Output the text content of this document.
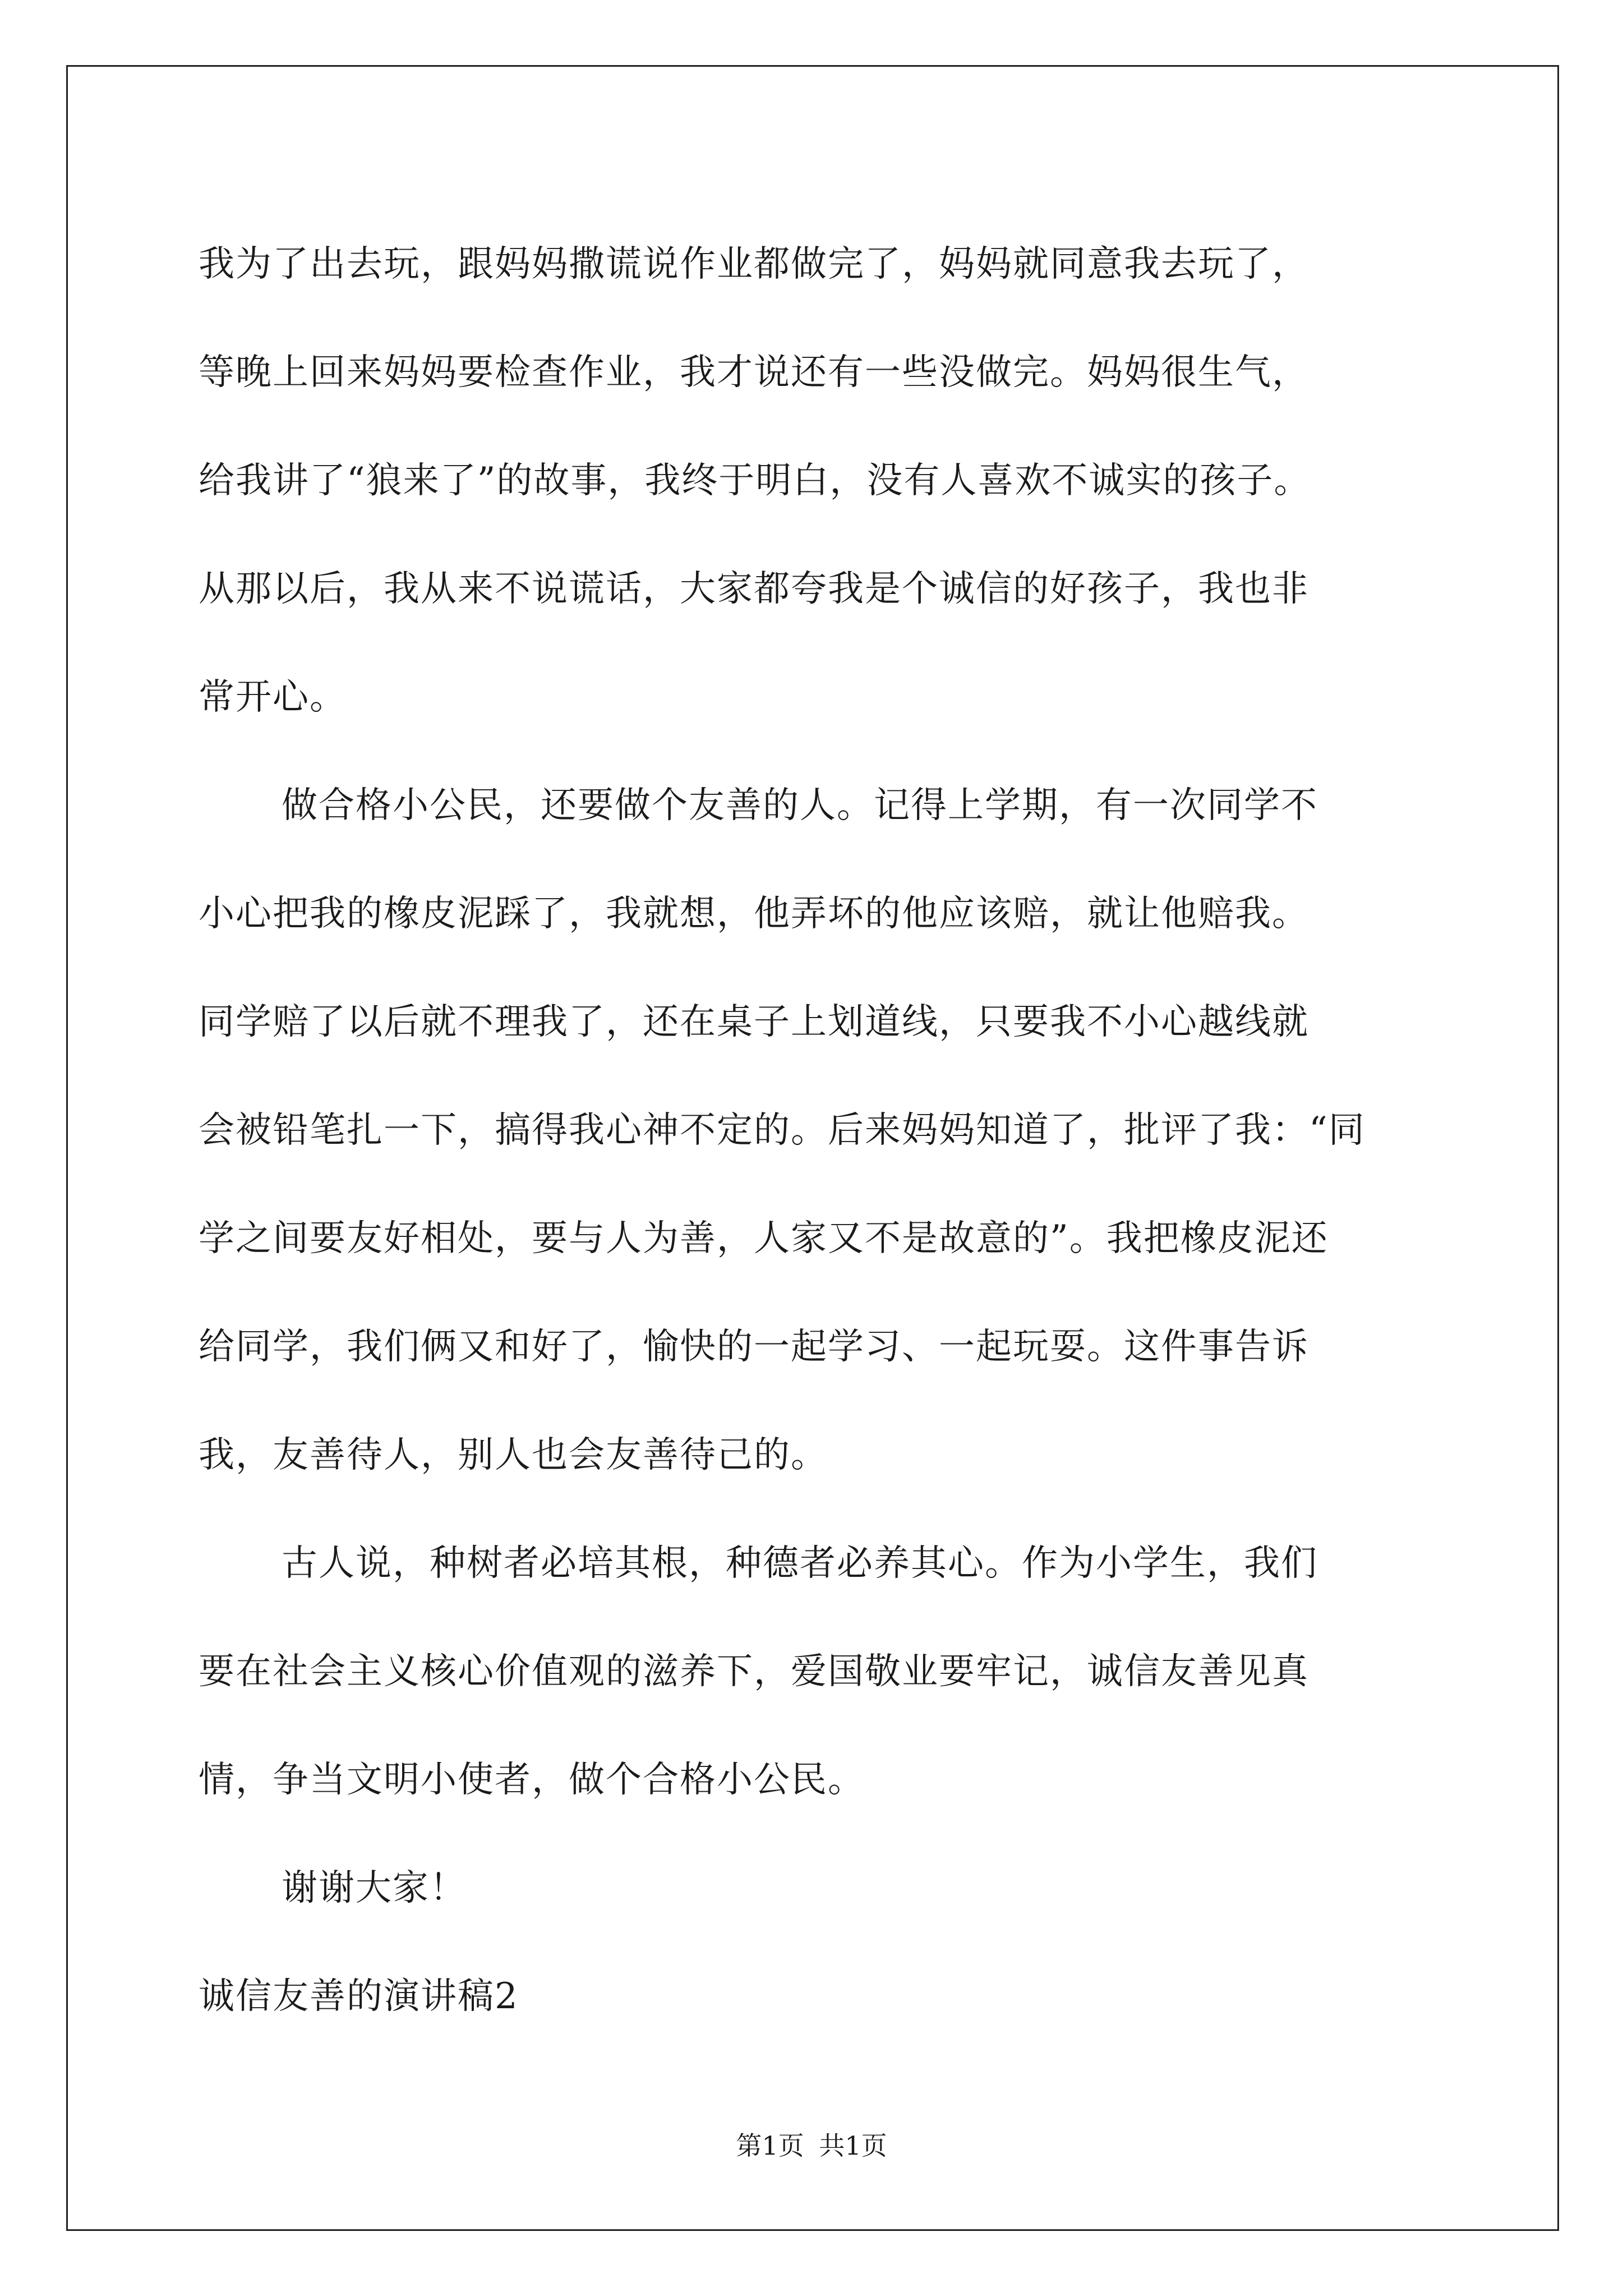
我为了出去玩，跟妈妈撒谎说作业都做完了，妈妈就同意我去玩了，
等晚上回来妈妈要检查作业，我才说还有一些没做完。妈妈很生气，
给我讲了“狼来了”的故事，我终于明白，没有人喜欢不诚实的孩子。
从那以后，我从来不说谎话，大家都夸我是个诚信的好孩子，我也非
常开心。
做合格小公民，还要做个友善的人。记得上学期，有一次同学不
小心把我的橡皮泥踩了，我就想，他弄坏的他应该赔，就让他赔我。
同学赔了以后就不理我了，还在桌子上划道线，只要我不小心越线就
会被铅笔扎一下，搞得我心神不定的。后来妈妈知道了，批评了我：“同
学之间要友好相处，要与人为善，人家又不是故意的”。我把橡皮泥还
给同学，我们俩又和好了，愉快的一起学习、一起玩耍。这件事告诉
我，友善待人，别人也会友善待己的。
古人说，种树者必培其根，种德者必养其心。作为小学生，我们
要在社会主义核心价值观的滋养下，爱国敬业要牢记，诚信友善见真
情，争当文明小使者，做个合格小公民。
谢谢大家！
诚信友善的演讲稿2
第1页 共1页
